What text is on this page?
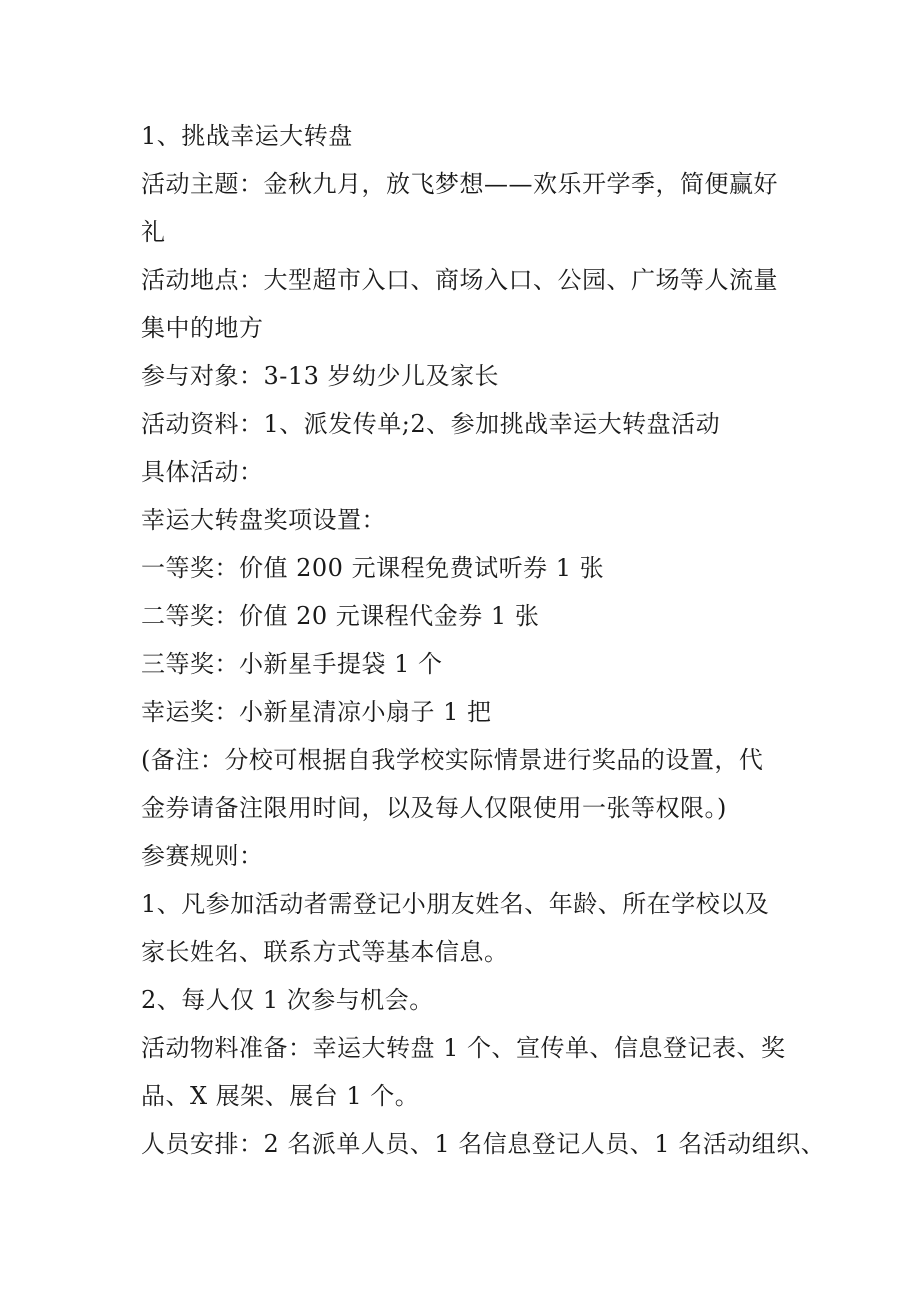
1、挑战幸运大转盘
活动主题：金秋九月，放飞梦想——欢乐开学季，简便赢好
礼
活动地点：大型超市入口、商场入口、公园、广场等人流量
集中的地方
参与对象：3-13 岁幼少儿及家长
活动资料：1、派发传单;2、参加挑战幸运大转盘活动
具体活动：
幸运大转盘奖项设置：
一等奖：价值 200 元课程免费试听券 1 张
二等奖：价值 20 元课程代金券 1 张
三等奖：小新星手提袋 1 个
幸运奖：小新星清凉小扇子 1 把
(备注：分校可根据自我学校实际情景进行奖品的设置，代
金券请备注限用时间，以及每人仅限使用一张等权限。)
参赛规则：
1、凡参加活动者需登记小朋友姓名、年龄、所在学校以及
家长姓名、联系方式等基本信息。
2、每人仅 1 次参与机会。
活动物料准备：幸运大转盘 1 个、宣传单、信息登记表、奖
品、X 展架、展台 1 个。
人员安排：2 名派单人员、1 名信息登记人员、1 名活动组织、
